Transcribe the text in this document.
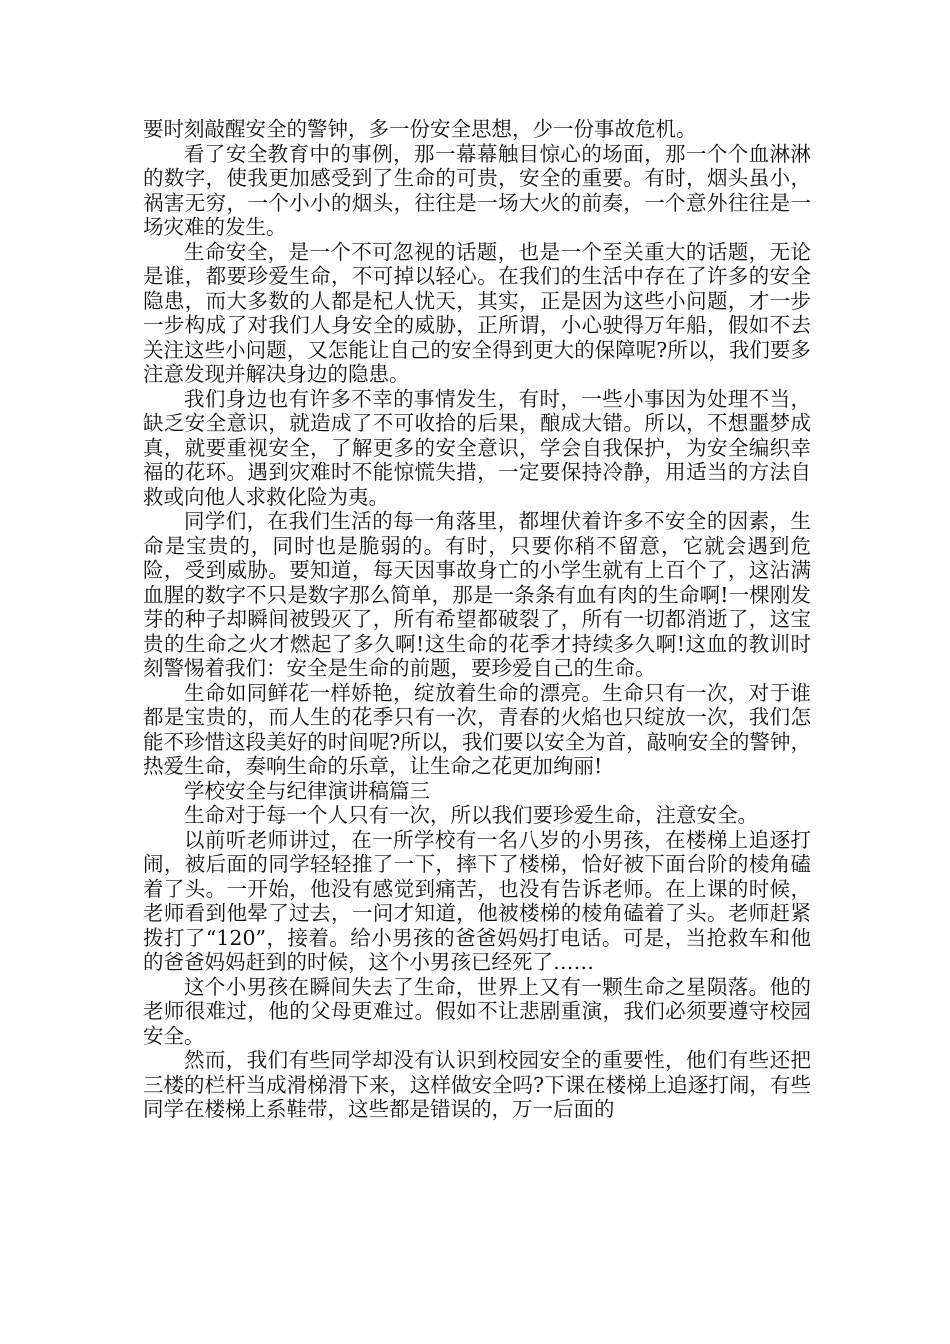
要时刻敲醒安全的警钟，多一份安全思想，少一份事故危机。

看了安全教育中的事例，那一幕幕触目惊心的场面，那一个个血淋淋的数字，使我更加感受到了生命的可贵，安全的重要。有时，烟头虽小，祸害无穷，一个小小的烟头，往往是一场大火的前奏，一个意外往往是一场灾难的发生。

生命安全，是一个不可忽视的话题，也是一个至关重大的话题，无论是谁，都要珍爱生命，不可掉以轻心。在我们的生活中存在了许多的安全隐患，而大多数的人都是杞人忧天，其实，正是因为这些小问题，才一步一步构成了对我们人身安全的威胁，正所谓，小心驶得万年船，假如不去关注这些小问题，又怎能让自己的安全得到更大的保障呢?所以，我们要多注意发现并解决身边的隐患。

我们身边也有许多不幸的事情发生，有时，一些小事因为处理不当，缺乏安全意识，就造成了不可收拾的后果，酿成大错。所以，不想噩梦成真，就要重视安全，了解更多的安全意识，学会自我保护，为安全编织幸福的花环。遇到灾难时不能惊慌失措，一定要保持冷静，用适当的方法自救或向他人求救化险为夷。

同学们，在我们生活的每一角落里，都埋伏着许多不安全的因素，生命是宝贵的，同时也是脆弱的。有时，只要你稍不留意，它就会遇到危险，受到威胁。要知道，每天因事故身亡的小学生就有上百个了，这沾满血腥的数字不只是数字那么简单，那是一条条有血有肉的生命啊!一棵刚发芽的种子却瞬间被毁灭了，所有希望都破裂了，所有一切都消逝了，这宝贵的生命之火才燃起了多久啊!这生命的花季才持续多久啊!这血的教训时刻警惕着我们：安全是生命的前题，要珍爱自己的生命。

生命如同鲜花一样娇艳，绽放着生命的漂亮。生命只有一次，对于谁都是宝贵的，而人生的花季只有一次，青春的火焰也只绽放一次，我们怎能不珍惜这段美好的时间呢?所以，我们要以安全为首，敲响安全的警钟，热爱生命，奏响生命的乐章，让生命之花更加绚丽!

学校安全与纪律演讲稿篇三

生命对于每一个人只有一次，所以我们要珍爱生命，注意安全。

以前听老师讲过，在一所学校有一名八岁的小男孩，在楼梯上追逐打闹，被后面的同学轻轻推了一下，摔下了楼梯，恰好被下面台阶的棱角磕着了头。一开始，他没有感觉到痛苦，也没有告诉老师。在上课的时候，老师看到他晕了过去，一问才知道，他被楼梯的棱角磕着了头。老师赶紧拨打了“120”，接着。给小男孩的爸爸妈妈打电话。可是，当抢救车和他的爸爸妈妈赶到的时候，这个小男孩已经死了……

这个小男孩在瞬间失去了生命，世界上又有一颗生命之星陨落。他的老师很难过，他的父母更难过。假如不让悲剧重演，我们必须要遵守校园安全。

然而，我们有些同学却没有认识到校园安全的重要性，他们有些还把三楼的栏杆当成滑梯滑下来，这样做安全吗?下课在楼梯上追逐打闹，有些同学在楼梯上系鞋带，这些都是错误的，万一后面的
